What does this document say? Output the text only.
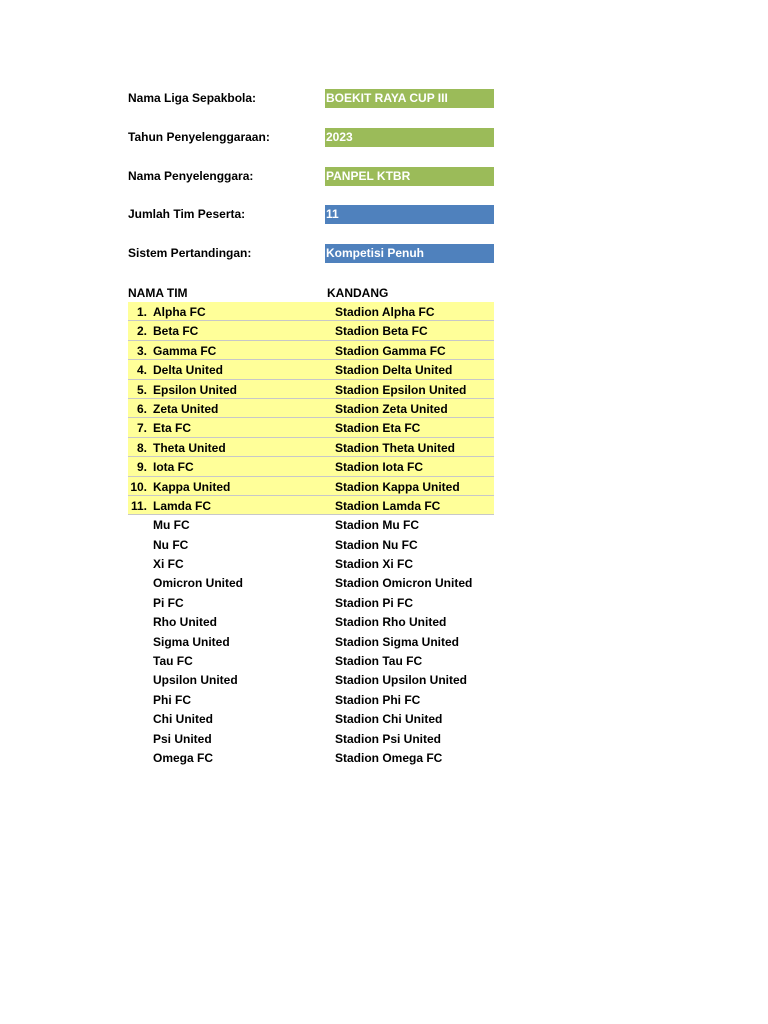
Nama Liga Sepakbola:	BOEKIT RAYA CUP III
Tahun Penyelenggaraan:	2023
Nama Penyelenggara:	PANPEL KTBR
Jumlah Tim Peserta:	11
Sistem Pertandingan:	Kompetisi Penuh
NAMA TIM	KANDANG
1. Alpha FC	Stadion Alpha FC
2. Beta FC	Stadion Beta FC
3. Gamma FC	Stadion Gamma FC
4. Delta United	Stadion Delta United
5. Epsilon United	Stadion Epsilon United
6. Zeta United	Stadion Zeta United
7. Eta FC	Stadion Eta FC
8. Theta United	Stadion Theta United
9. Iota FC	Stadion Iota FC
10. Kappa United	Stadion Kappa United
11. Lamda FC	Stadion Lamda FC
Mu FC	Stadion Mu FC
Nu FC	Stadion Nu FC
Xi FC	Stadion Xi FC
Omicron United	Stadion Omicron United
Pi FC	Stadion Pi FC
Rho United	Stadion Rho United
Sigma United	Stadion Sigma United
Tau FC	Stadion Tau FC
Upsilon United	Stadion Upsilon United
Phi FC	Stadion Phi FC
Chi United	Stadion Chi United
Psi United	Stadion Psi United
Omega FC	Stadion Omega FC
